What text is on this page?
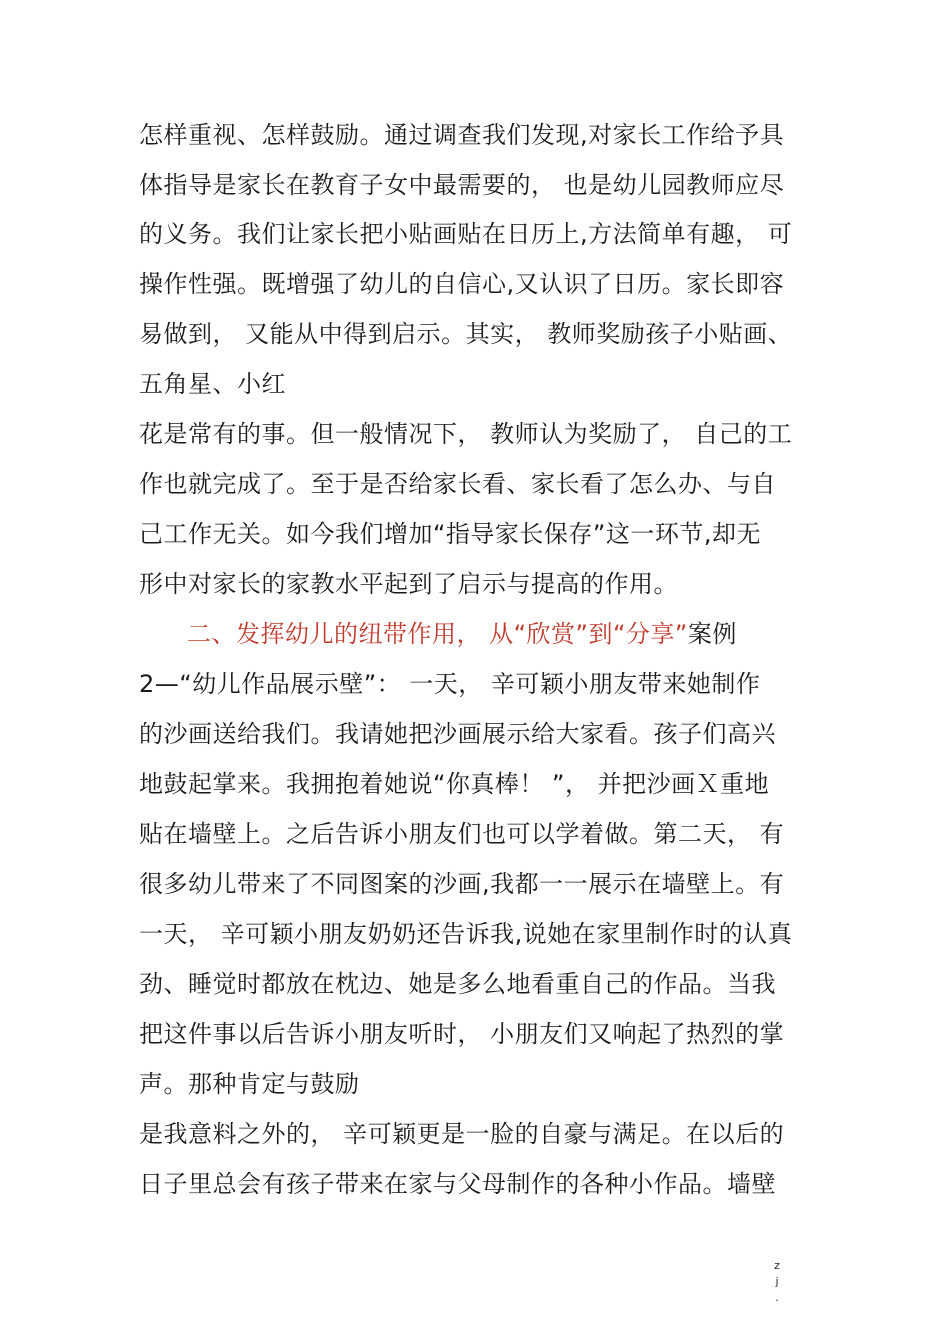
怎样重视、怎样鼓励。通过调查我们发现,对家长工作给予具
体指导是家长在教育子女中最需要的， 也是幼儿园教师应尽
的义务。我们让家长把小贴画贴在日历上,方法简单有趣， 可
操作性强。既增强了幼儿的自信心,又认识了日历。家长即容
易做到， 又能从中得到启示。其实， 教师奖励孩子小贴画、
五角星、小红
花是常有的事。但一般情况下， 教师认为奖励了， 自己的工
作也就完成了。至于是否给家长看、家长看了怎么办、与自
己工作无关。如今我们增加“指导家长保存”这一环节,却无
形中对家长的家教水平起到了启示与提高的作用。
二、发挥幼儿的纽带作用， 从“欣赏”到“分享”案例
2—“幼儿作品展示壁”： 一天， 辛可颖小朋友带来她制作
的沙画送给我们。我请她把沙画展示给大家看。孩子们高兴
地鼓起掌来。我拥抱着她说“你真棒！ ”， 并把沙画Ｘ重地
贴在墙壁上。之后告诉小朋友们也可以学着做。第二天， 有
很多幼儿带来了不同图案的沙画,我都一一展示在墙壁上。有
一天， 辛可颖小朋友奶奶还告诉我,说她在家里制作时的认真
劲、睡觉时都放在枕边、她是多么地看重自己的作品。当我
把这件事以后告诉小朋友听时， 小朋友们又响起了热烈的掌
声。那种肯定与鼓励
是我意料之外的， 辛可颖更是一脸的自豪与满足。在以后的
日子里总会有孩子带来在家与父母制作的各种小作品。墙壁
z
j
.
